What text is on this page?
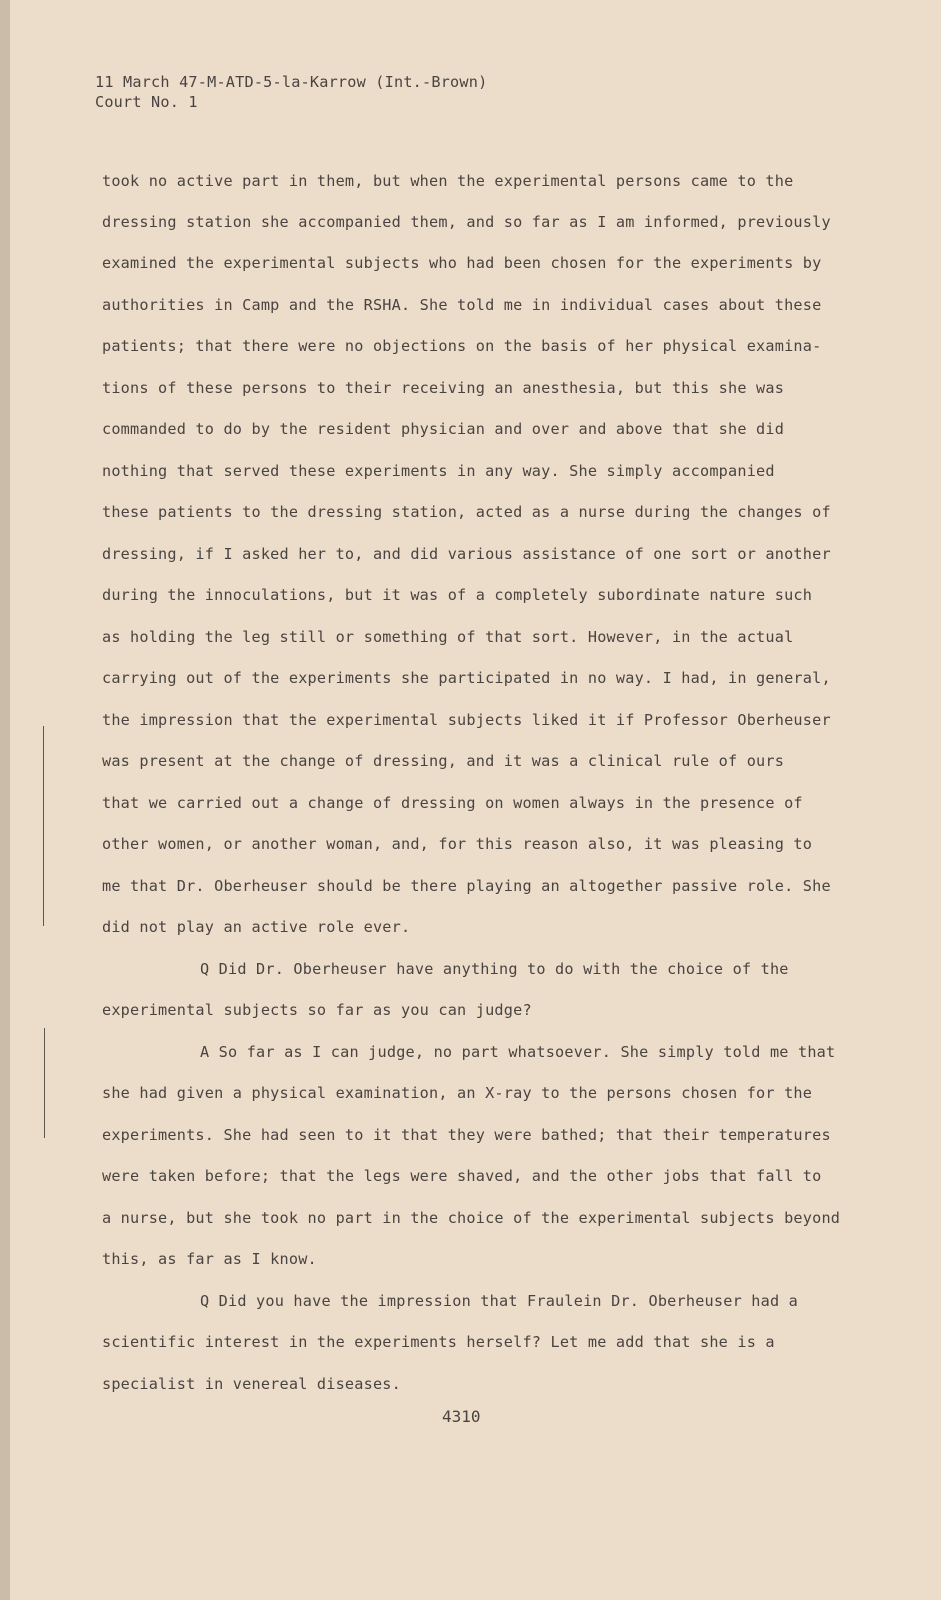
11 March 47-M-ATD-5-la-Karrow (Int.-Brown)
Court No. 1
took no active part in them, but when the experimental persons came to the
dressing station she accompanied them, and so far as I am informed, previously
examined the experimental subjects who had been chosen for the experiments by
authorities in Camp and the RSHA. She told me in individual cases about these
patients; that there were no objections on the basis of her physical examina-
tions of these persons to their receiving an anesthesia, but this she was
commanded to do by the resident physician and over and above that she did
nothing that served these experiments in any way. She simply accompanied
these patients to the dressing station, acted as a nurse during the changes of
dressing, if I asked her to, and did various assistance of one sort or another
during the innoculations, but it was of a completely subordinate nature such
as holding the leg still or something of that sort. However, in the actual
carrying out of the experiments she participated in no way. I had, in general,
the impression that the experimental subjects liked it if Professor Oberheuser
was present at the change of dressing, and it was a clinical rule of ours
that we carried out a change of dressing on women always in the presence of
other women, or another woman, and, for this reason also, it was pleasing to
me that Dr. Oberheuser should be there playing an altogether passive role. She
did not play an active role ever.
Q Did Dr. Oberheuser have anything to do with the choice of the
experimental subjects so far as you can judge?
A So far as I can judge, no part whatsoever. She simply told me that
she had given a physical examination, an X-ray to the persons chosen for the
experiments. She had seen to it that they were bathed; that their temperatures
were taken before; that the legs were shaved, and the other jobs that fall to
a nurse, but she took no part in the choice of the experimental subjects beyond
this, as far as I know.
Q Did you have the impression that Fraulein Dr. Oberheuser had a
scientific interest in the experiments herself? Let me add that she is a
specialist in venereal diseases.
4310
